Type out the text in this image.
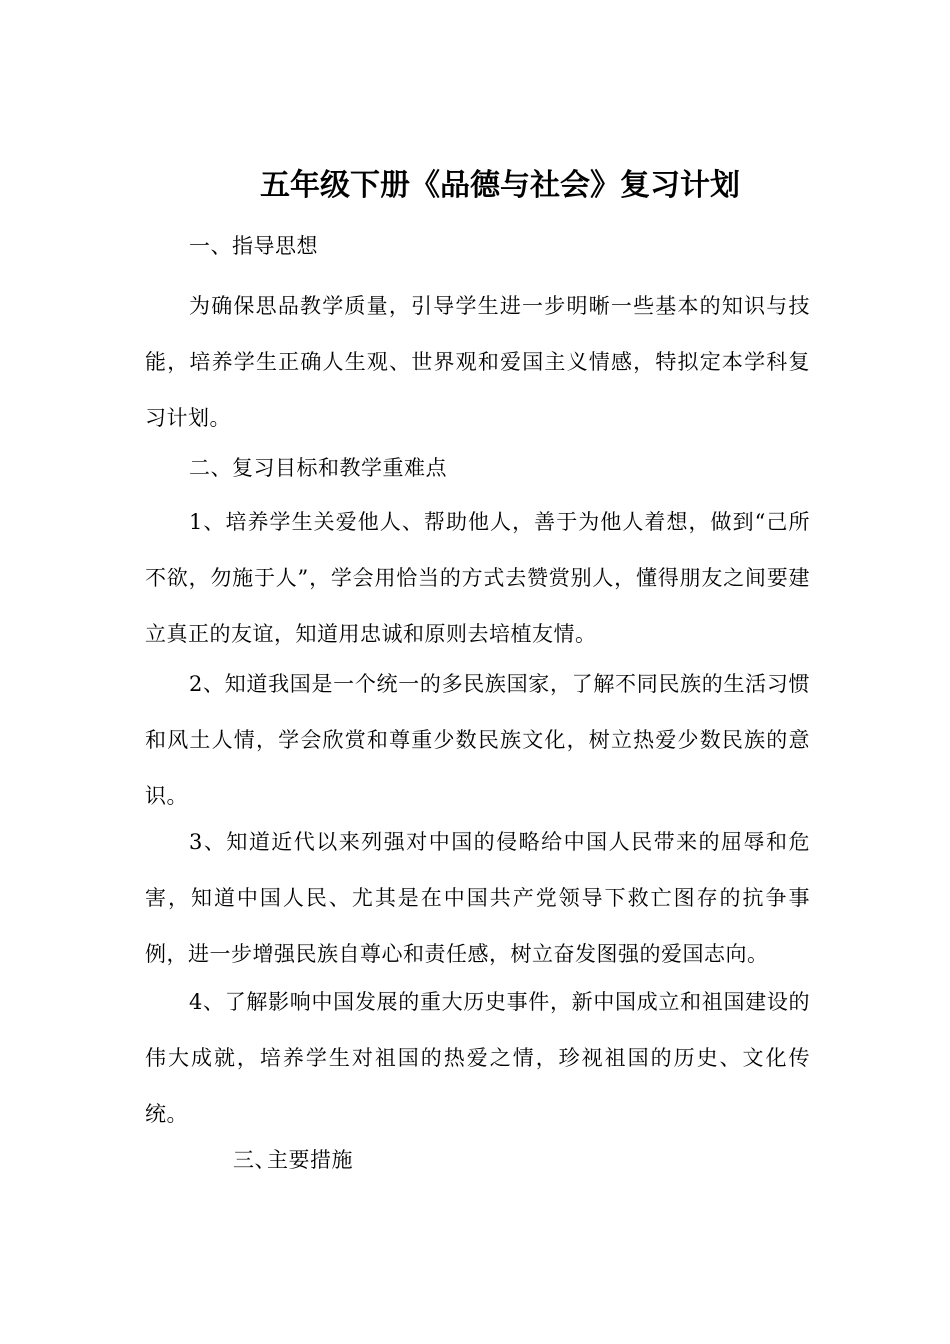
五年级下册《品德与社会》复习计划

一、指导思想

为确保思品教学质量，引导学生进一步明晰一些基本的知识与技能，培养学生正确人生观、世界观和爱国主义情感，特拟定本学科复习计划。

二、复习目标和教学重难点

1、培养学生关爱他人、帮助他人，善于为他人着想，做到“己所不欲，勿施于人”，学会用恰当的方式去赞赏别人，懂得朋友之间要建立真正的友谊，知道用忠诚和原则去培植友情。

2、知道我国是一个统一的多民族国家，了解不同民族的生活习惯和风土人情，学会欣赏和尊重少数民族文化，树立热爱少数民族的意识。

3、知道近代以来列强对中国的侵略给中国人民带来的屈辱和危害，知道中国人民、尤其是在中国共产党领导下救亡图存的抗争事例，进一步增强民族自尊心和责任感，树立奋发图强的爱国志向。

4、了解影响中国发展的重大历史事件，新中国成立和祖国建设的伟大成就，培养学生对祖国的热爱之情，珍视祖国的历史、文化传统。

三、主要措施
